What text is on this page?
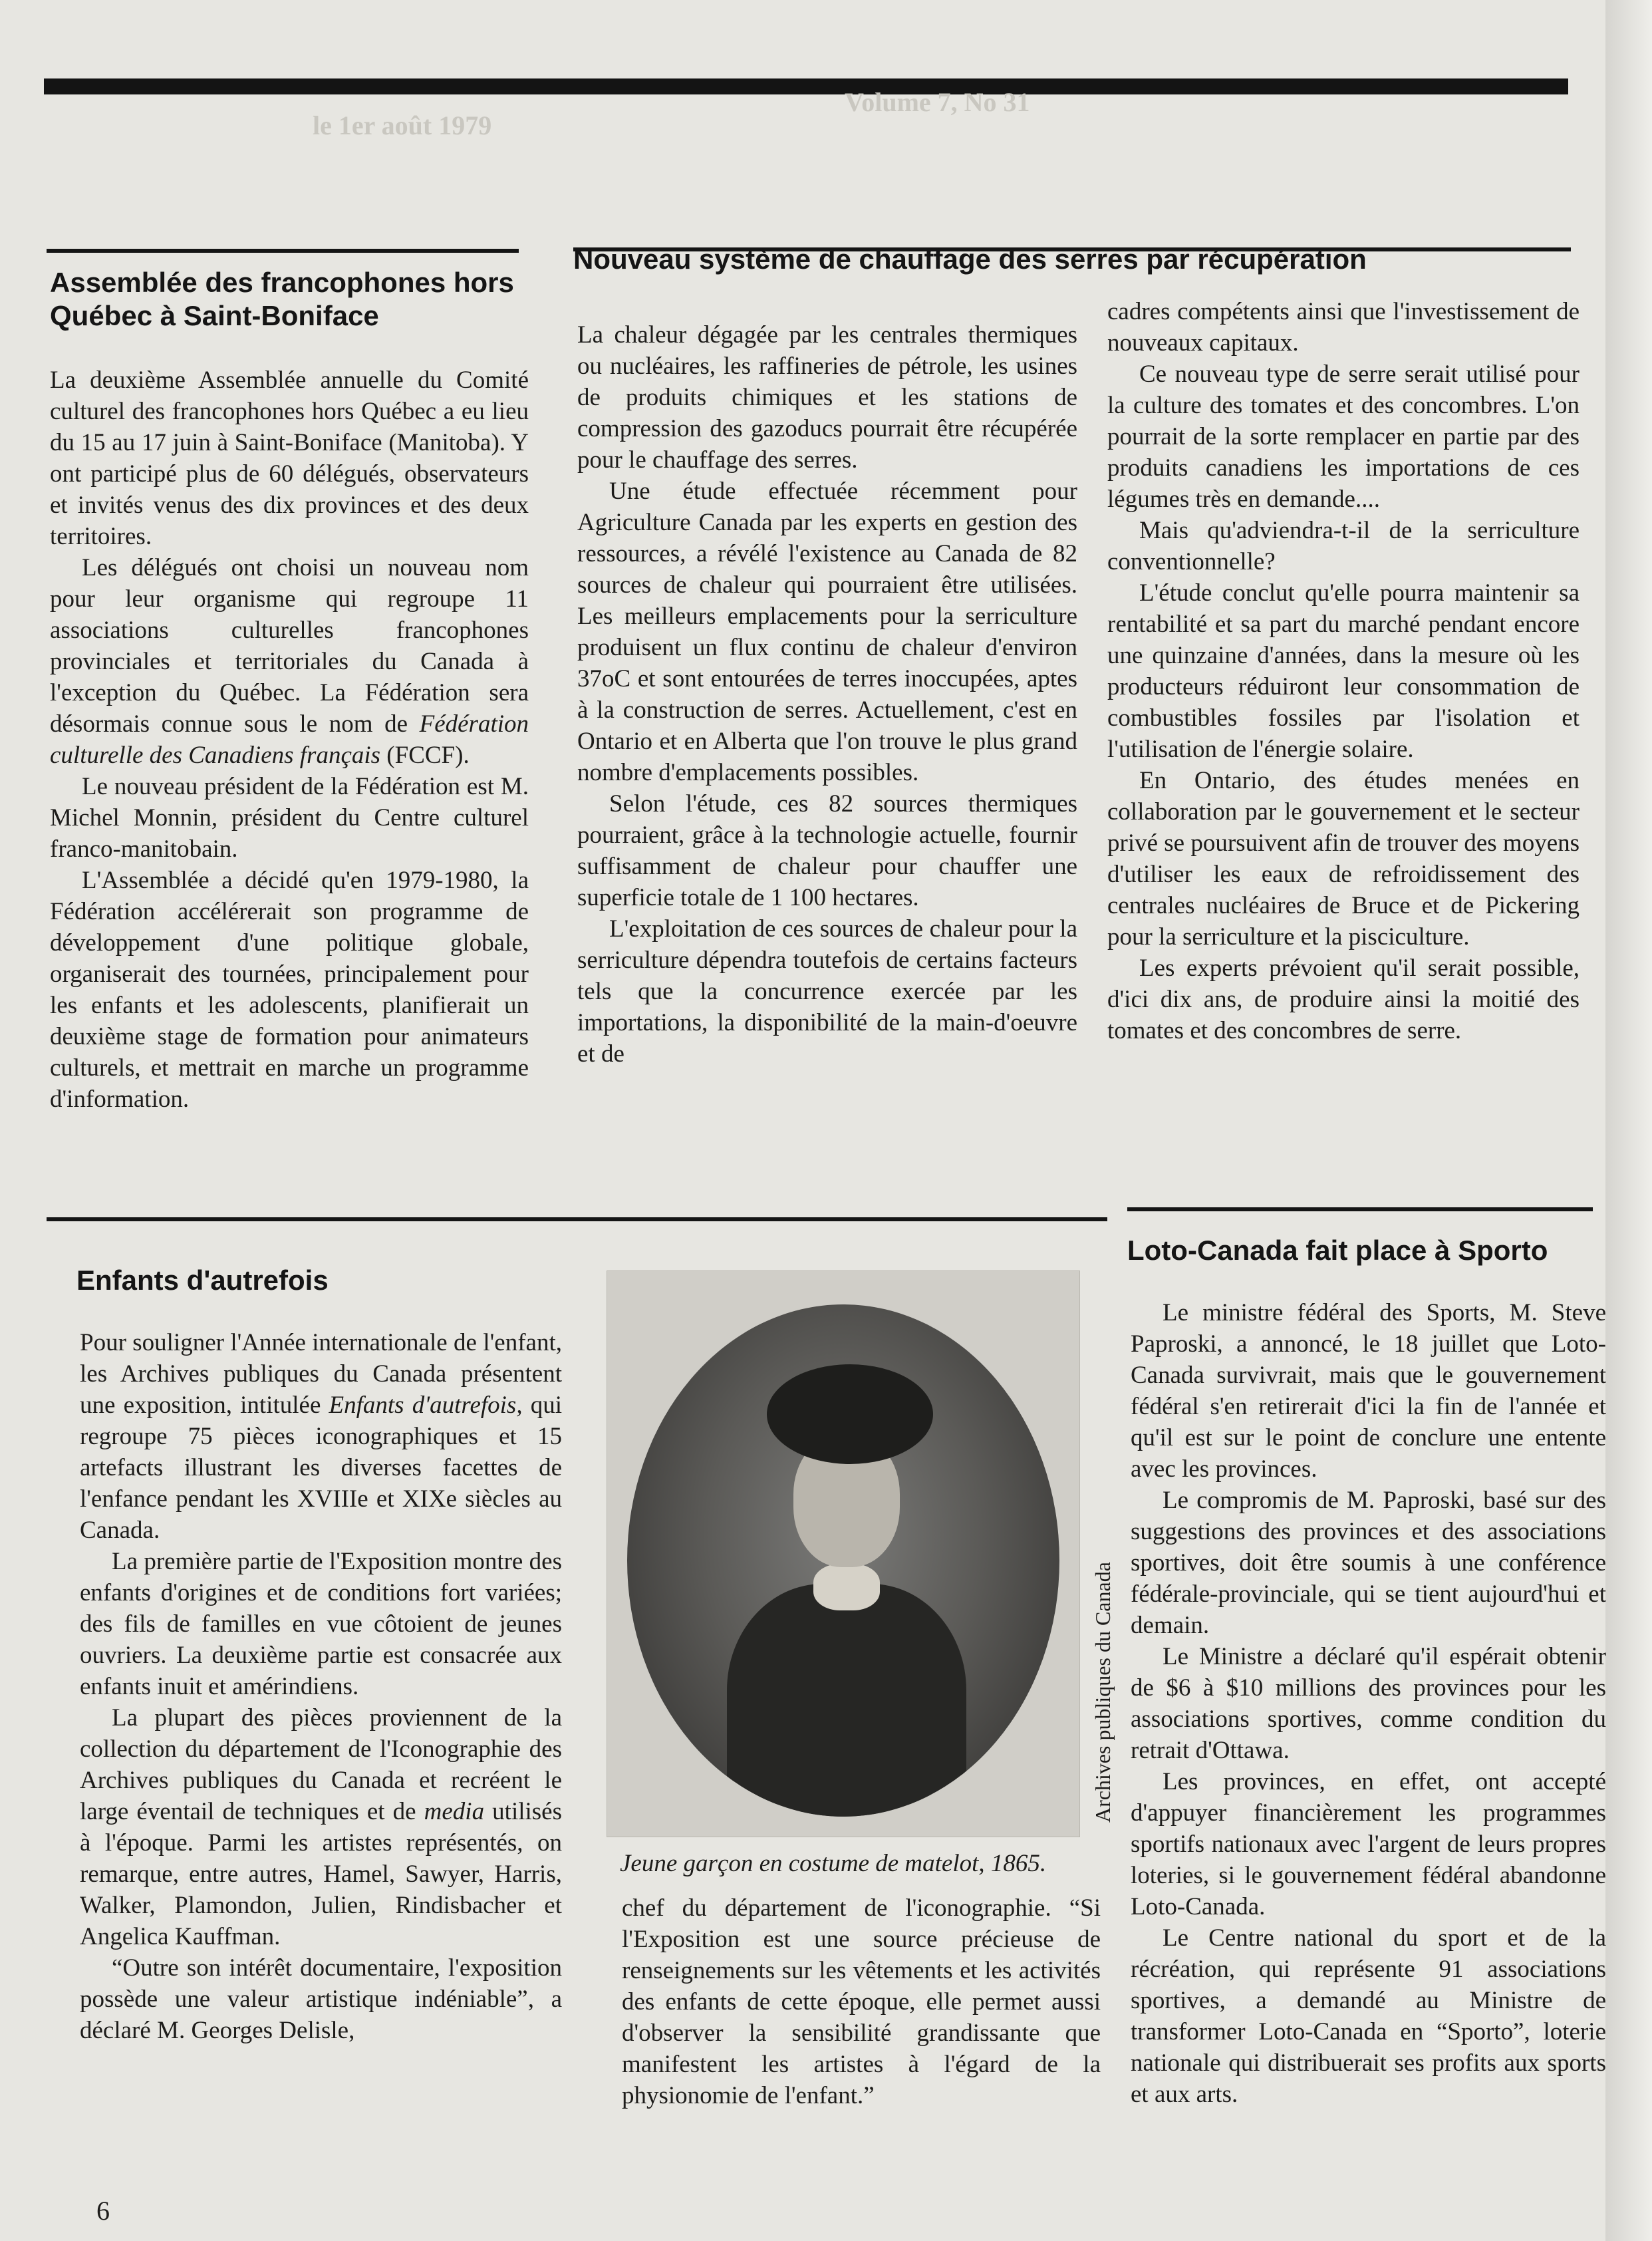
le 1er août 1979
Volume 7, No 31
Assemblée des francophones hors Québec à Saint-Boniface

La deuxième Assemblée annuelle du Comité culturel des francophones hors Québec a eu lieu du 15 au 17 juin à Saint-Boniface (Manitoba). Y ont participé plus de 60 délégués, observateurs et invités venus des dix provinces et des deux territoires.

Les délégués ont choisi un nouveau nom pour leur organisme qui regroupe 11 associations culturelles francophones provinciales et territoriales du Canada à l'exception du Québec. La Fédération sera désormais connue sous le nom de Fédération culturelle des Canadiens français (FCCF).

Le nouveau président de la Fédération est M. Michel Monnin, président du Centre culturel franco-manitobain.

L'Assemblée a décidé qu'en 1979-1980, la Fédération accélérerait son programme de développement d'une politique globale, organiserait des tournées, principalement pour les enfants et les adolescents, planifierait un deuxième stage de formation pour animateurs culturels, et mettrait en marche un programme d'information.

Nouveau système de chauffage des serres par récupération

La chaleur dégagée par les centrales thermiques ou nucléaires, les raffineries de pétrole, les usines de produits chimiques et les stations de compression des gazoducs pourrait être récupérée pour le chauffage des serres.

Une étude effectuée récemment pour Agriculture Canada par les experts en gestion des ressources, a révélé l'existence au Canada de 82 sources de chaleur qui pourraient être utilisées. Les meilleurs emplacements pour la serriculture produisent un flux continu de chaleur d'environ 37oC et sont entourées de terres inoccupées, aptes à la construction de serres. Actuellement, c'est en Ontario et en Alberta que l'on trouve le plus grand nombre d'emplacements possibles.

Selon l'étude, ces 82 sources thermiques pourraient, grâce à la technologie actuelle, fournir suffisamment de chaleur pour chauffer une superficie totale de 1 100 hectares.

L'exploitation de ces sources de chaleur pour la serriculture dépendra toutefois de certains facteurs tels que la concurrence exercée par les importations, la disponibilité de la main-d'oeuvre et de

cadres compétents ainsi que l'investissement de nouveaux capitaux.

Ce nouveau type de serre serait utilisé pour la culture des tomates et des concombres. L'on pourrait de la sorte remplacer en partie par des produits canadiens les importations de ces légumes très en demande....

Mais qu'adviendra-t-il de la serriculture conventionnelle?

L'étude conclut qu'elle pourra maintenir sa rentabilité et sa part du marché pendant encore une quinzaine d'années, dans la mesure où les producteurs réduiront leur consommation de combustibles fossiles par l'isolation et l'utilisation de l'énergie solaire.

En Ontario, des études menées en collaboration par le gouvernement et le secteur privé se poursuivent afin de trouver des moyens d'utiliser les eaux de refroidissement des centrales nucléaires de Bruce et de Pickering pour la serriculture et la pisciculture.

Les experts prévoient qu'il serait possible, d'ici dix ans, de produire ainsi la moitié des tomates et des concombres de serre.

Enfants d'autrefois

Pour souligner l'Année internationale de l'enfant, les Archives publiques du Canada présentent une exposition, intitulée Enfants d'autrefois, qui regroupe 75 pièces iconographiques et 15 artefacts illustrant les diverses facettes de l'enfance pendant les XVIIIe et XIXe siècles au Canada.

La première partie de l'Exposition montre des enfants d'origines et de conditions fort variées; des fils de familles en vue côtoient de jeunes ouvriers. La deuxième partie est consacrée aux enfants inuit et amérindiens.

La plupart des pièces proviennent de la collection du département de l'Iconographie des Archives publiques du Canada et recréent le large éventail de techniques et de media utilisés à l'époque. Parmi les artistes représentés, on remarque, entre autres, Hamel, Sawyer, Harris, Walker, Plamondon, Julien, Rindisbacher et Angelica Kauffman.

“Outre son intérêt documentaire, l'exposition possède une valeur artistique indéniable”, a déclaré M. Georges Delisle,

Archives publiques du Canada
Jeune garçon en costume de matelot, 1865.

chef du département de l'iconographie. “Si l'Exposition est une source précieuse de renseignements sur les vêtements et les activités des enfants de cette époque, elle permet aussi d'observer la sensibilité grandissante que manifestent les artistes à l'égard de la physionomie de l'enfant.”

Loto-Canada fait place à Sporto

Le ministre fédéral des Sports, M. Steve Paproski, a annoncé, le 18 juillet que Loto-Canada survivrait, mais que le gouvernement fédéral s'en retirerait d'ici la fin de l'année et qu'il est sur le point de conclure une entente avec les provinces.

Le compromis de M. Paproski, basé sur des suggestions des provinces et des associations sportives, doit être soumis à une conférence fédérale-provinciale, qui se tient aujourd'hui et demain.

Le Ministre a déclaré qu'il espérait obtenir de $6 à $10 millions des provinces pour les associations sportives, comme condition du retrait d'Ottawa.

Les provinces, en effet, ont accepté d'appuyer financièrement les programmes sportifs nationaux avec l'argent de leurs propres loteries, si le gouvernement fédéral abandonne Loto-Canada.

Le Centre national du sport et de la récréation, qui représente 91 associations sportives, a demandé au Ministre de transformer Loto-Canada en “Sporto”, loterie nationale qui distribuerait ses profits aux sports et aux arts.

6
